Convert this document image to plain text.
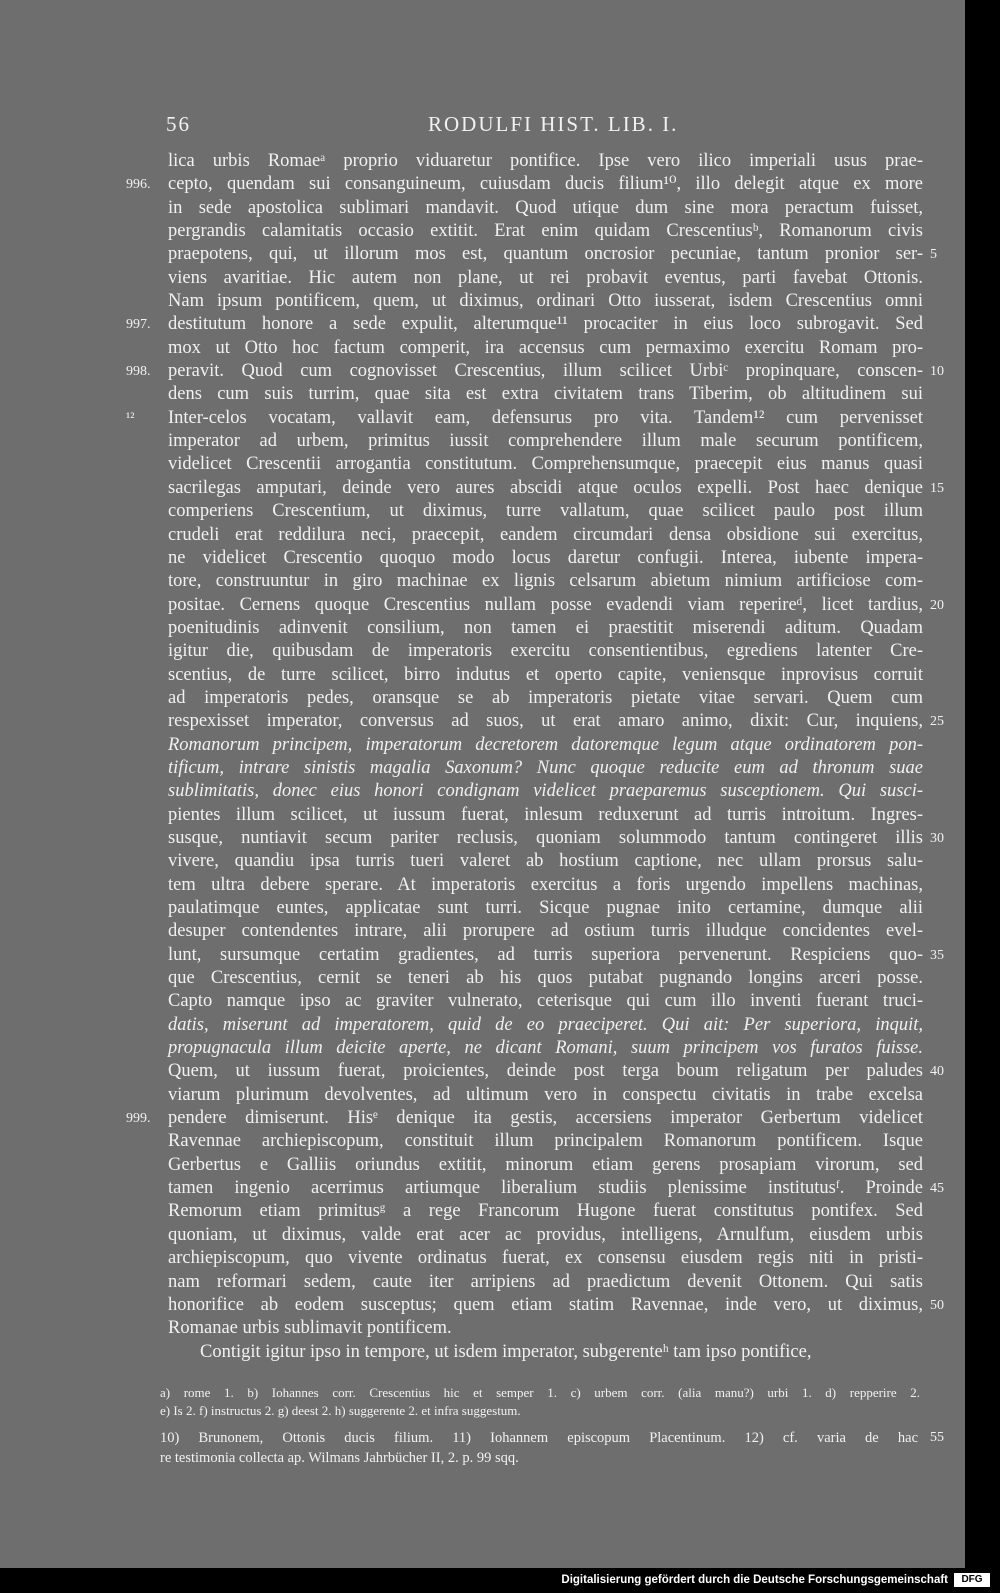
56	RODULFI HIST. LIB. I.
lica urbis Romaeᵃ proprio viduaretur pontifice. Ipse vero ilico imperiali usus prae-
996. cepto, quendam sui consanguineum, cuiusdam ducis filium¹⁰, illo delegit atque ex more
in sede apostolica sublimari mandavit. Quod utique dum sine mora peractum fuisset,
pergrandis calamitatis occasio extitit. Erat enim quidam Crescentiusᵇ, Romanorum civis
praepotens, qui, ut illorum mos est, quantum oncrosior pecuniae, tantum pronior ser- 5
viens avaritiae. Hic autem non plane, ut rei probavit eventus, parti favebat Ottonis.
Nam ipsum pontificem, quem, ut diximus, ordinari Otto iusserat, isdem Crescentius omni
997. destitutum honore a sede expulit, alterumque¹¹ procaciter in eius loco subrogavit. Sed
mox ut Otto hoc factum comperit, ira accensus cum permaximo exercitu Romam pro-
998. peravit. Quod cum cognovisset Crescentius, illum scilicet Urbiᶜ propinquare, conscen- 10
dens cum suis turrim, quae sita est extra civitatem trans Tiberim, ob altitudinem sui
¹² Inter-celos vocatam, vallavit eam, defensurus pro vita. Tandem¹² cum pervenisset
imperator ad urbem, primitus iussit comprehendere illum male securum pontificem,
videlicet Crescentii arrogantia constitutum. Comprehensumque, praecepit eius manus quasi
sacrilegas amputari, deinde vero aures abscidi atque oculos expelli. Post haec denique 15
comperiens Crescentium, ut diximus, turre vallatum, quae scilicet paulo post illum
crudeli erat reddilura neci, praecepit, eandem circumdari densa obsidione sui exercitus,
ne videlicet Crescentio quoquo modo locus daretur confugii. Interea, iubente impera-
tore, construuntur in giro machinae ex lignis celsarum abietum nimium artificiose com-
positae. Cernens quoque Crescentius nullam posse evadendi viam reperireᵈ, licet tardius, 20
poenitudinis adinvenit consilium, non tamen ei praestitit miserendi aditum. Quadam
igitur die, quibusdam de imperatoris exercitu consentientibus, egrediens latenter Cre-
scentius, de turre scilicet, birro indutus et operto capite, veniensque inprovisus corruit
ad imperatoris pedes, oransque se ab imperatoris pietate vitae servari. Quem cum
respexisset imperator, conversus ad suos, ut erat amaro animo, dixit: Cur, inquiens, 25
Romanorum principem, imperatorum decretorem datoremque legum atque ordinatorem pon-
tificum, intrare sinistis magalia Saxonum? Nunc quoque reducite eum ad thronum suae
sublimitatis, donec eius honori condignam videlicet praeparemus susceptionem. Qui susci-
pientes illum scilicet, ut iussum fuerat, inlesum reduxerunt ad turris introitum. Ingres-
susque, nuntiavit secum pariter reclusis, quoniam solummodo tantum contingeret illis 30
vivere, quandiu ipsa turris tueri valeret ab hostium captione, nec ullam prorsus salu-
tem ultra debere sperare. At imperatoris exercitus a foris urgendo impellens machinas,
paulatimque euntes, applicatae sunt turri. Sicque pugnae inito certamine, dumque alii
desuper contendentes intrare, alii prorupere ad ostium turris illudque concidentes evel-
lunt, sursumque certatim gradientes, ad turris superiora pervenerunt. Respiciens quo- 35
que Crescentius, cernit se teneri ab his quos putabat pugnando longins arceri posse.
Capto namque ipso ac graviter vulnerato, ceterisque qui cum illo inventi fuerant truci-
datis, miserunt ad imperatorem, quid de eo praeciperet. Qui ait: Per superiora, inquit,
propugnacula illum deicite aperte, ne dicant Romani, suum principem vos furatos fuisse.
Quem, ut iussum fuerat, proicientes, deinde post terga boum religatum per paludes 40
viarum plurimum devolventes, ad ultimum vero in conspectu civitatis in trabe excelsa
999. pendere dimiserunt. Hisᵉ denique ita gestis, accersiens imperator Gerbertum videlicet
Ravennae archiepiscopum, constituit illum principalem Romanorum pontificem. Isque
Gerbertus e Galliis oriundus extitit, minorum etiam gerens prosapiam virorum, sed
tamen ingenio acerrimus artiumque liberalium studiis plenissime institutusᶠ. Proinde 45
Remorum etiam primitusᵍ a rege Francorum Hugone fuerat constitutus pontifex. Sed
quoniam, ut diximus, valde erat acer ac providus, intelligens, Arnulfum, eiusdem urbis
archiepiscopum, quo vivente ordinatus fuerat, ex consensu eiusdem regis niti in pristi-
nam reformari sedem, caute iter arripiens ad praedictum devenit Ottonem. Qui satis
honorifice ab eodem susceptus; quem etiam statim Ravennae, inde vero, ut diximus, 50
Romanae urbis sublimavit pontificem.
Contigit igitur ipso in tempore, ut isdem imperator, subgerenteʰ tam ipso pontifice,
a) rome 1. b) Iohannes corr. Crescentius hic et semper 1. c) urbem corr. (alia manu?) urbi 1. d) repperire 2.
e) Is 2. f) instructus 2. g) deest 2. h) suggerente 2. et infra suggestum.
10) Brunonem, Ottonis ducis filium. 11) Iohannem episcopum Placentinum. 12) cf. varia de hac 55
re testimonia collecta ap. Wilmans Jahrbücher II, 2. p. 99 sqq.
Digitalisierung gefördert durch die Deutsche Forschungsgemeinschaft	DFG
